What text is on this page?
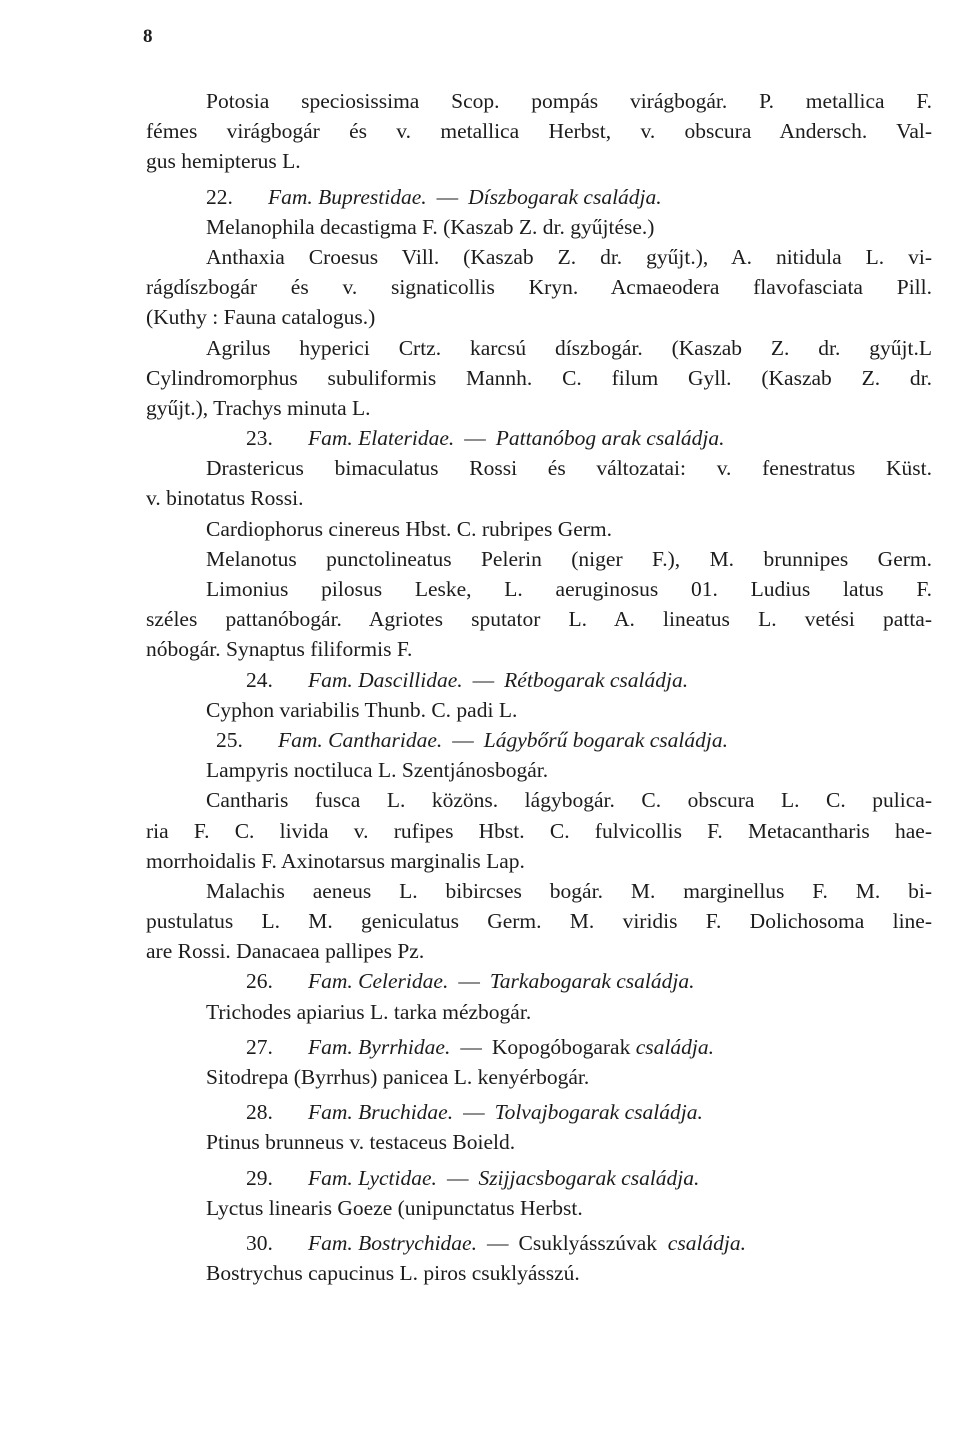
8
Potosia speciosissima Scop. pompás virágbogár. P. metallica F.
fémes virágbogár és v. metallica Herbst, v. obscura Andersch. Val-
gus hemipterus L.
22. Fam. Buprestidae. — Díszbogarak családja.
Melanophila decastigma F. (Kaszab Z. dr. gyűjtése.)
Anthaxia Croesus Vill. (Kaszab Z. dr. gyűjt.), A. nitidula L. vi-
rágdíszbogár és v. signaticollis Kryn. Acmaeodera flavofasciata Pill.
(Kuthy : Fauna catalogus.)
Agrilus hyperici Crtz. karcsú díszbogár. (Kaszab Z. dr. gyűjt.L
Cylindromorphus subuliformis Mannh. C. filum Gyll. (Kaszab Z. dr.
gyűjt.), Trachys minuta L.
23. Fam. Elateridae. — Pattanóbog arak családja.
Drastericus bimaculatus Rossi és változatai: v. fenestratus Küst.
v. binotatus Rossi.
Cardiophorus cinereus Hbst. C. rubripes Germ.
Melanotus punctolineatus Pelerin (niger F.), M. brunnipes Germ.
Limonius pilosus Leske, L. aeruginosus 01. Ludius latus F.
széles pattanóbogár. Agriotes sputator L. A. lineatus L. vetési patta-
nóbogár. Synaptus filiformis F.
24. Fam. Dascillidae. — Rétbogarak családja.
Cyphon variabilis Thunb. C. padi L.
25. Fam. Cantharidae. — Lágybőrű bogarak családja.
Lampyris noctiluca L. Szentjánosbogár.
Cantharis fusca L. közöns. lágybogár. C. obscura L. C. pulica-
ria F. C. livida v. rufipes Hbst. C. fulvicollis F. Metacantharis hae-
morrhoidalis F. Axinotarsus marginalis Lap.
Malachis aeneus L. bibircses bogár. M. marginellus F. M. bi-
pustulatus L. M. geniculatus Germ. M. viridis F. Dolichosoma line-
are Rossi. Danacaea pallipes Pz.
26. Fam. Celeridae. — Tarkabogarak családja.
Trichodes apiarius L. tarka mézbogár.
27. Fam. Byrrhidae. — Kopogóbogarak családja.
Sitodrepa (Byrrhus) panicea L. kenyérbogár.
28. Fam. Bruchidae. — Tolvajbogarak családja.
Ptinus brunneus v. testaceus Boield.
29. Fam. Lyctidae. — Szijjacsbogarak családja.
Lyctus linearis Goeze (unipunctatus Herbst.
30. Fam. Bostrychidae. — Csuklyásszúvak családja.
Bostrychus capucinus L. piros csuklyásszú.
